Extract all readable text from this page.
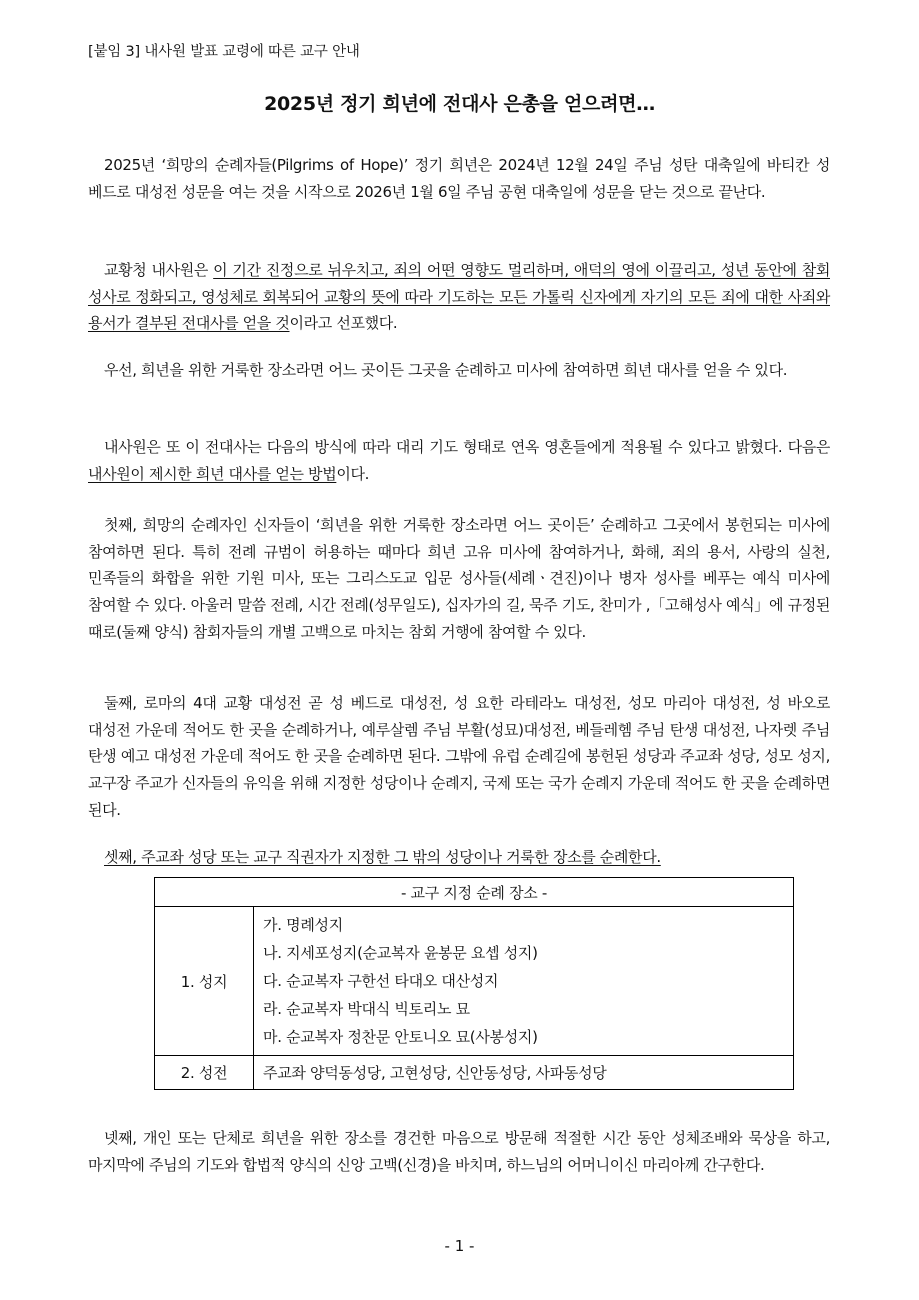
[붙임 3] 내사원 발표 교령에 따른 교구 안내
2025년 정기 희년에 전대사 은총을 얻으려면…

2025년 ‘희망의 순례자들(Pilgrims of Hope)’ 정기 희년은 2024년 12월 24일 주님 성탄 대축일에 바티칸 성 베드로 대성전 성문을 여는 것을 시작으로 2026년 1월 6일 주님 공현 대축일에 성문을 닫는 것으로 끝난다.

교황청 내사원은 이 기간 진정으로 뉘우치고, 죄의 어떤 영향도 멀리하며, 애덕의 영에 이끌리고, 성년 동안에 참회 성사로 정화되고, 영성체로 회복되어 교황의 뜻에 따라 기도하는 모든 가톨릭 신자에게 자기의 모든 죄에 대한 사죄와 용서가 결부된 전대사를 얻을 것이라고 선포했다.

우선, 희년을 위한 거룩한 장소라면 어느 곳이든 그곳을 순례하고 미사에 참여하면 희년 대사를 얻을 수 있다.

내사원은 또 이 전대사는 다음의 방식에 따라 대리 기도 형태로 연옥 영혼들에게 적용될 수 있다고 밝혔다. 다음은 내사원이 제시한 희년 대사를 얻는 방법이다.

첫째, 희망의 순례자인 신자들이 ‘희년을 위한 거룩한 장소라면 어느 곳이든’ 순례하고 그곳에서 봉헌되는 미사에 참여하면 된다. 특히 전례 규범이 허용하는 때마다 희년 고유 미사에 참여하거나, 화해, 죄의 용서, 사랑의 실천, 민족들의 화합을 위한 기원 미사, 또는 그리스도교 입문 성사들(세례ㆍ견진)이나 병자 성사를 베푸는 예식 미사에 참여할 수 있다. 아울러 말씀 전례, 시간 전례(성무일도), 십자가의 길, 묵주 기도, 찬미가 ,「고해성사 예식」에 규정된 때로(둘째 양식) 참회자들의 개별 고백으로 마치는 참회 거행에 참여할 수 있다.

둘째, 로마의 4대 교황 대성전 곧 성 베드로 대성전, 성 요한 라테라노 대성전, 성모 마리아 대성전, 성 바오로 대성전 가운데 적어도 한 곳을 순례하거나, 예루살렘 주님 부활(성묘)대성전, 베들레헴 주님 탄생 대성전, 나자렛 주님 탄생 예고 대성전 가운데 적어도 한 곳을 순례하면 된다. 그밖에 유럽 순례길에 봉헌된 성당과 주교좌 성당, 성모 성지, 교구장 주교가 신자들의 유익을 위해 지정한 성당이나 순례지, 국제 또는 국가 순례지 가운데 적어도 한 곳을 순례하면 된다.

셋째, 주교좌 성당 또는 교구 직권자가 지정한 그 밖의 성당이나 거룩한 장소를 순례한다.
- 교구 지정 순례 장소 -	
1. 성지	가. 명례성지
나. 지세포성지(순교복자 윤봉문 요셉 성지)
다. 순교복자 구한선 타대오 대산성지
라. 순교복자 박대식 빅토리노 묘
마. 순교복자 정찬문 안토니오 묘(사봉성지)

2. 성전	주교좌 양덕동성당, 고현성당, 신안동성당, 사파동성당

넷째, 개인 또는 단체로 희년을 위한 장소를 경건한 마음으로 방문해 적절한 시간 동안 성체조배와 묵상을 하고, 마지막에 주님의 기도와 합법적 양식의 신앙 고백(신경)을 바치며, 하느님의 어머니이신 마리아께 간구한다.

- 1 -
